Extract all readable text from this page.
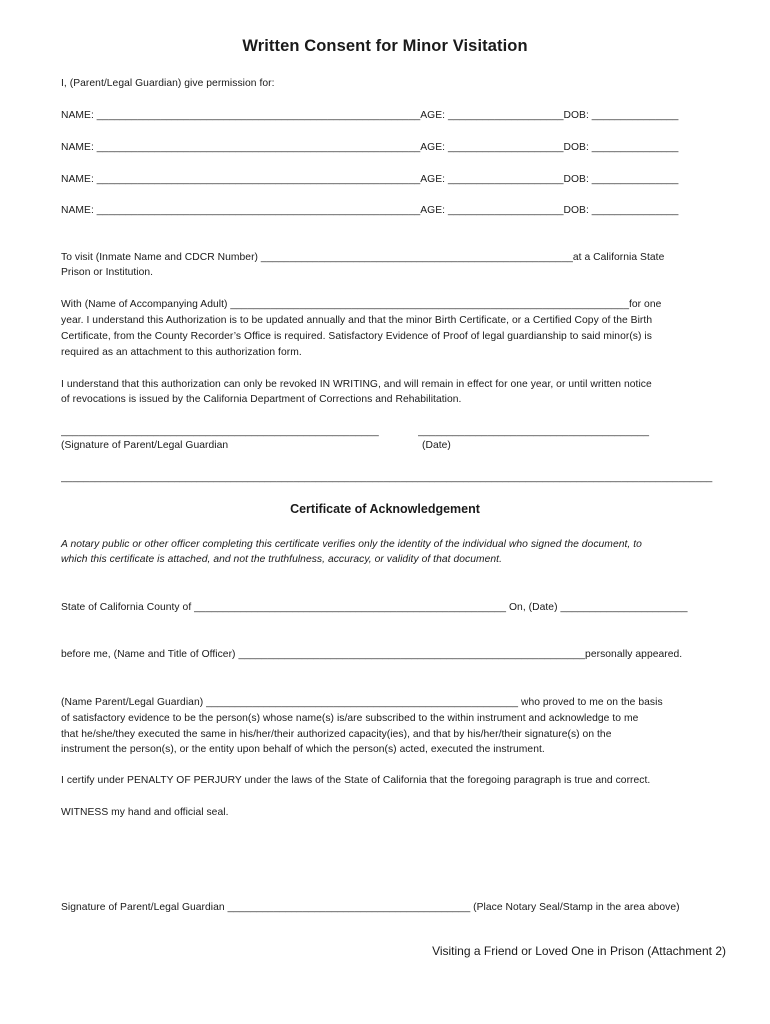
Written Consent for Minor Visitation
I, (Parent/Legal Guardian) give permission for:
NAME: ________________________________________________________AGE: ____________________DOB: _______________
NAME: ________________________________________________________AGE: ____________________DOB: _______________
NAME: ________________________________________________________AGE: ____________________DOB: _______________
NAME: ________________________________________________________AGE: ____________________DOB: _______________
To visit (Inmate Name and CDCR Number) ______________________________________________________at a California State
Prison or Institution.
With (Name of Accompanying Adult) _____________________________________________________________________for one
year. I understand this Authorization is to be updated annually and that the minor Birth Certificate, or a Certified Copy of the Birth
Certificate, from the County Recorder’s Office is required. Satisfactory Evidence of Proof of legal guardianship to said minor(s) is
required as an attachment to this authorization form.
I understand that this authorization can only be revoked IN WRITING, and will remain in effect for one year, or until written notice
of revocations is issued by the California Department of Corrections and Rehabilitation.
_______________________________________________________	________________________________________
(Signature of Parent/Legal Guardian	(Date)
___________________________________________________________________________________________________________________
Certificate of Acknowledgement
A notary public or other officer completing this certificate verifies only the identity of the individual who signed the document, to
which this certificate is attached, and not the truthfulness, accuracy, or validity of that document.
State of California County of ______________________________________________________ On, (Date) ______________________
before me, (Name and Title of Officer) ____________________________________________________________personally appeared.
(Name Parent/Legal Guardian) ______________________________________________________ who proved to me on the basis
of satisfactory evidence to be the person(s) whose name(s) is/are subscribed to the within instrument and acknowledge to me
that he/she/they executed the same in his/her/their authorized capacity(ies), and that by his/her/their signature(s) on the
instrument the person(s), or the entity upon behalf of which the person(s) acted, executed the instrument.
I certify under PENALTY OF PERJURY under the laws of the State of California that the foregoing paragraph is true and correct.
WITNESS my hand and official seal.
Signature of Parent/Legal Guardian __________________________________________ (Place Notary Seal/Stamp in the area above)
Visiting a Friend or Loved One in Prison (Attachment 2)
